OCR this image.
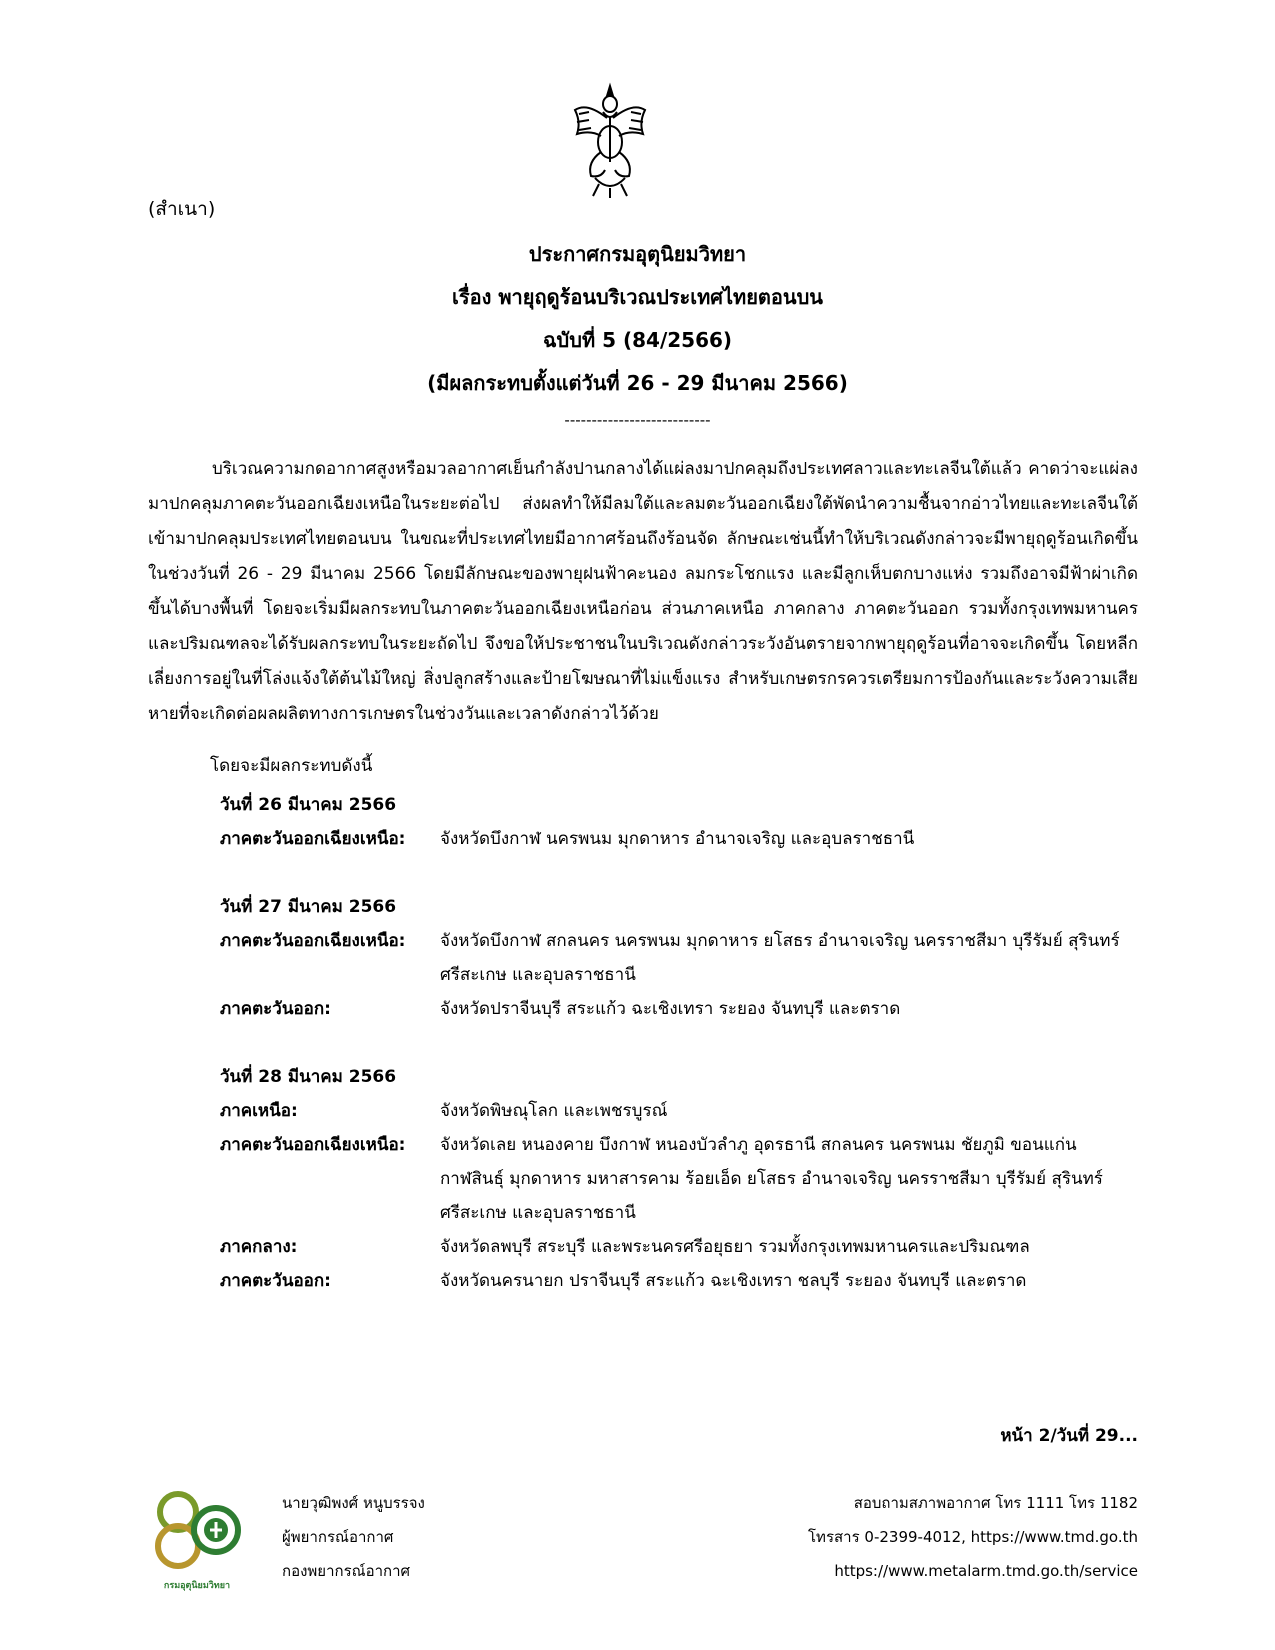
(สำเนา)
ประกาศกรมอุตุนิยมวิทยา
เรื่อง พายุฤดูร้อนบริเวณประเทศไทยตอนบน
ฉบับที่ 5 (84/2566)
(มีผลกระทบตั้งแต่วันที่ 26 - 29 มีนาคม 2566)
---------------------------
บริเวณความกดอากาศสูงหรือมวลอากาศเย็นกำลังปานกลางได้แผ่ลงมาปกคลุมถึงประเทศลาวและทะเลจีนใต้แล้ว คาดว่าจะแผ่ลงมาปกคลุมภาคตะวันออกเฉียงเหนือในระยะต่อไป ส่งผลทำให้มีลมใต้และลมตะวันออกเฉียงใต้พัดนำความชื้นจากอ่าวไทยและทะเลจีนใต้เข้ามาปกคลุมประเทศไทยตอนบน ในขณะที่ประเทศไทยมีอากาศร้อนถึงร้อนจัด ลักษณะเช่นนี้ทำให้บริเวณดังกล่าวจะมีพายุฤดูร้อนเกิดขึ้นในช่วงวันที่ 26 - 29 มีนาคม 2566 โดยมีลักษณะของพายุฝนฟ้าคะนอง ลมกระโชกแรง และมีลูกเห็บตกบางแห่ง รวมถึงอาจมีฟ้าผ่าเกิดขึ้นได้บางพื้นที่ โดยจะเริ่มมีผลกระทบในภาคตะวันออกเฉียงเหนือก่อน ส่วนภาคเหนือ ภาคกลาง ภาคตะวันออก รวมทั้งกรุงเทพมหานครและปริมณฑลจะได้รับผลกระทบในระยะถัดไป จึงขอให้ประชาชนในบริเวณดังกล่าวระวังอันตรายจากพายุฤดูร้อนที่อาจจะเกิดขึ้น โดยหลีกเลี่ยงการอยู่ในที่โล่งแจ้งใต้ต้นไม้ใหญ่ สิ่งปลูกสร้างและป้ายโฆษณาที่ไม่แข็งแรง สำหรับเกษตรกรควรเตรียมการป้องกันและระวังความเสียหายที่จะเกิดต่อผลผลิตทางการเกษตรในช่วงวันและเวลาดังกล่าวไว้ด้วย
โดยจะมีผลกระทบดังนี้
วันที่ 26 มีนาคม 2566
ภาคตะวันออกเฉียงเหนือ:	จังหวัดบึงกาฬ นครพนม มุกดาหาร อำนาจเจริญ และอุบลราชธานี
วันที่ 27 มีนาคม 2566
ภาคตะวันออกเฉียงเหนือ:	จังหวัดบึงกาฬ สกลนคร นครพนม มุกดาหาร ยโสธร อำนาจเจริญ นครราชสีมา บุรีรัมย์ สุรินทร์ ศรีสะเกษ และอุบลราชธานี
ภาคตะวันออก:	จังหวัดปราจีนบุรี สระแก้ว ฉะเชิงเทรา ระยอง จันทบุรี และตราด
วันที่ 28 มีนาคม 2566
ภาคเหนือ:	จังหวัดพิษณุโลก และเพชรบูรณ์
ภาคตะวันออกเฉียงเหนือ:	จังหวัดเลย หนองคาย บึงกาฬ หนองบัวลำภู อุดรธานี สกลนคร นครพนม ชัยภูมิ ขอนแก่น กาฬสินธุ์ มุกดาหาร มหาสารคาม ร้อยเอ็ด ยโสธร อำนาจเจริญ นครราชสีมา บุรีรัมย์ สุรินทร์ ศรีสะเกษ และอุบลราชธานี
ภาคกลาง:	จังหวัดลพบุรี สระบุรี และพระนครศรีอยุธยา รวมทั้งกรุงเทพมหานครและปริมณฑล
ภาคตะวันออก:	จังหวัดนครนายก ปราจีนบุรี สระแก้ว ฉะเชิงเทรา ชลบุรี ระยอง จันทบุรี และตราด
หน้า 2/วันที่ 29...
กรมอุตุนิยมวิทยา
นายวุฒิพงศ์ หนูบรรจง
ผู้พยากรณ์อากาศ
กองพยากรณ์อากาศ
สอบถามสภาพอากาศ โทร 1111 โทร 1182
โทรสาร 0-2399-4012, https://www.tmd.go.th
https://www.metalarm.tmd.go.th/service
